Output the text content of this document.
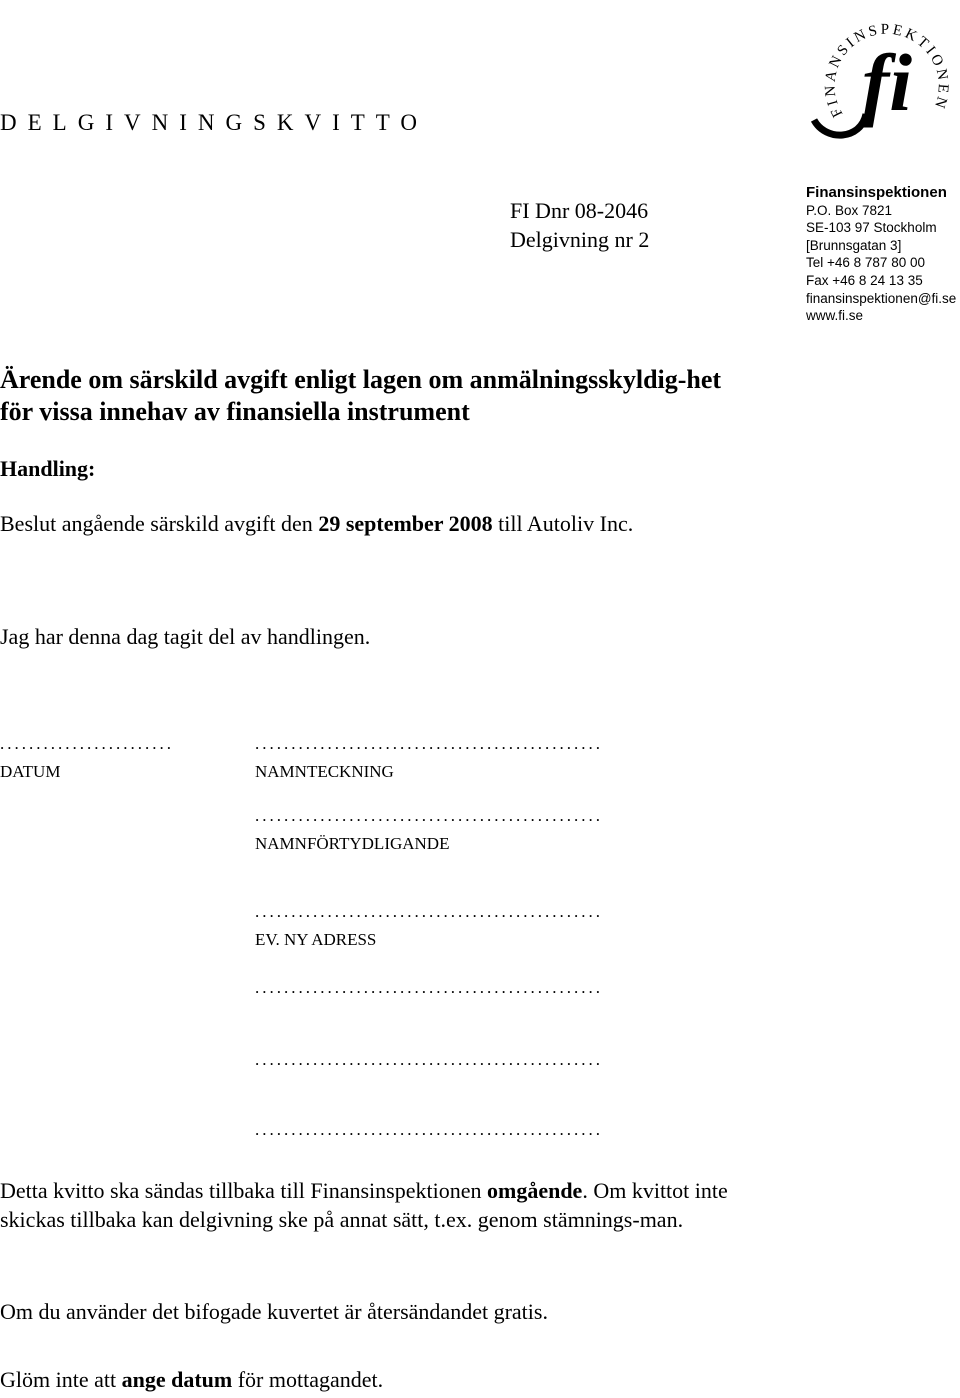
DELGIVNINGSKVITTO	FINANSINSPEKTIONEN
fi
FI Dnr 08-2046
Delgivning nr 2
Finansinspektionen
P.O. Box 7821
SE-103 97 Stockholm
[Brunnsgatan 3]
Tel +46 8 787 80 00
Fax +46 8 24 13 35
finansinspektionen@fi.se
www.fi.se
Ärende om särskild avgift enligt lagen om anmälningsskyldig-het för vissa innehav av finansiella instrument
Handling:
Beslut angående särskild avgift den 29 september 2008 till Autoliv Inc.
Jag har denna dag tagit del av handlingen.
........................
DATUM
................................................
NAMNTECKNING
................................................
NAMNFÖRTYDLIGANDE
................................................
EV. NY ADRESS
................................................
................................................
................................................
Detta kvitto ska sändas tillbaka till Finansinspektionen omgående. Om kvittot inte skickas tillbaka kan delgivning ske på annat sätt, t.ex. genom stämnings-man.
Om du använder det bifogade kuvertet är återsändandet gratis.
Glöm inte att ange datum för mottagandet.
